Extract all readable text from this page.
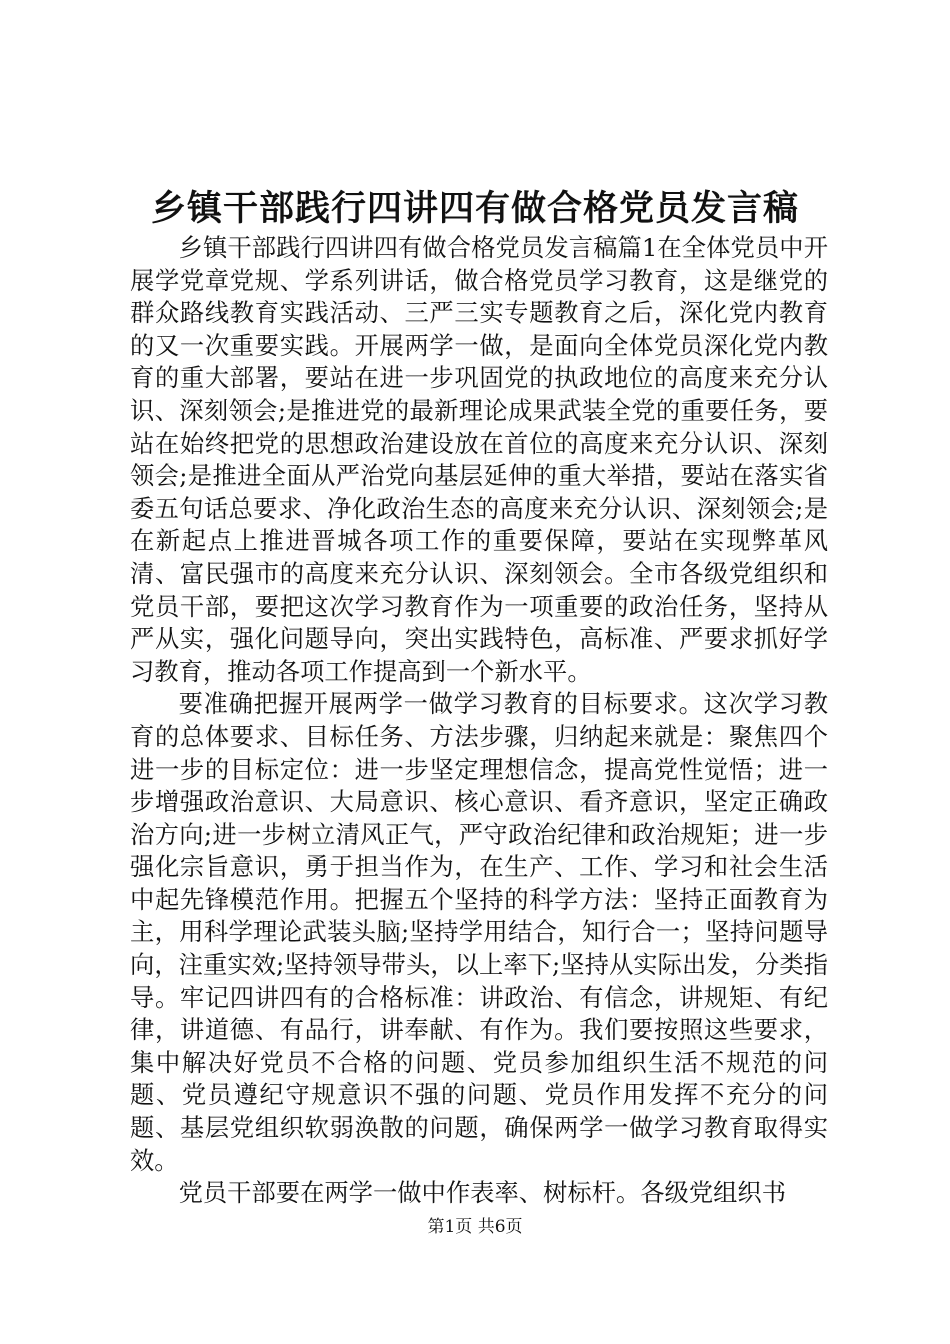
乡镇干部践行四讲四有做合格党员发言稿

乡镇干部践行四讲四有做合格党员发言稿篇1在全体党员中开展学党章党规、学系列讲话，做合格党员学习教育，这是继党的群众路线教育实践活动、三严三实专题教育之后，深化党内教育的又一次重要实践。开展两学一做，是面向全体党员深化党内教育的重大部署，要站在进一步巩固党的执政地位的高度来充分认识、深刻领会;是推进党的最新理论成果武装全党的重要任务，要站在始终把党的思想政治建设放在首位的高度来充分认识、深刻领会;是推进全面从严治党向基层延伸的重大举措，要站在落实省委五句话总要求、净化政治生态的高度来充分认识、深刻领会;是在新起点上推进晋城各项工作的重要保障，要站在实现弊革风清、富民强市的高度来充分认识、深刻领会。全市各级党组织和党员干部，要把这次学习教育作为一项重要的政治任务，坚持从严从实，强化问题导向，突出实践特色，高标准、严要求抓好学习教育，推动各项工作提高到一个新水平。

要准确把握开展两学一做学习教育的目标要求。这次学习教育的总体要求、目标任务、方法步骤，归纳起来就是：聚焦四个进一步的目标定位：进一步坚定理想信念，提高党性觉悟；进一步增强政治意识、大局意识、核心意识、看齐意识，坚定正确政治方向;进一步树立清风正气，严守政治纪律和政治规矩；进一步强化宗旨意识，勇于担当作为，在生产、工作、学习和社会生活中起先锋模范作用。把握五个坚持的科学方法：坚持正面教育为主，用科学理论武装头脑;坚持学用结合，知行合一；坚持问题导向，注重实效;坚持领导带头，以上率下;坚持从实际出发，分类指导。牢记四讲四有的合格标准：讲政治、有信念，讲规矩、有纪律，讲道德、有品行，讲奉献、有作为。我们要按照这些要求，集中解决好党员不合格的问题、党员参加组织生活不规范的问题、党员遵纪守规意识不强的问题、党员作用发挥不充分的问题、基层党组织软弱涣散的问题，确保两学一做学习教育取得实效。

党员干部要在两学一做中作表率、树标杆。各级党组织书

第1页 共6页
